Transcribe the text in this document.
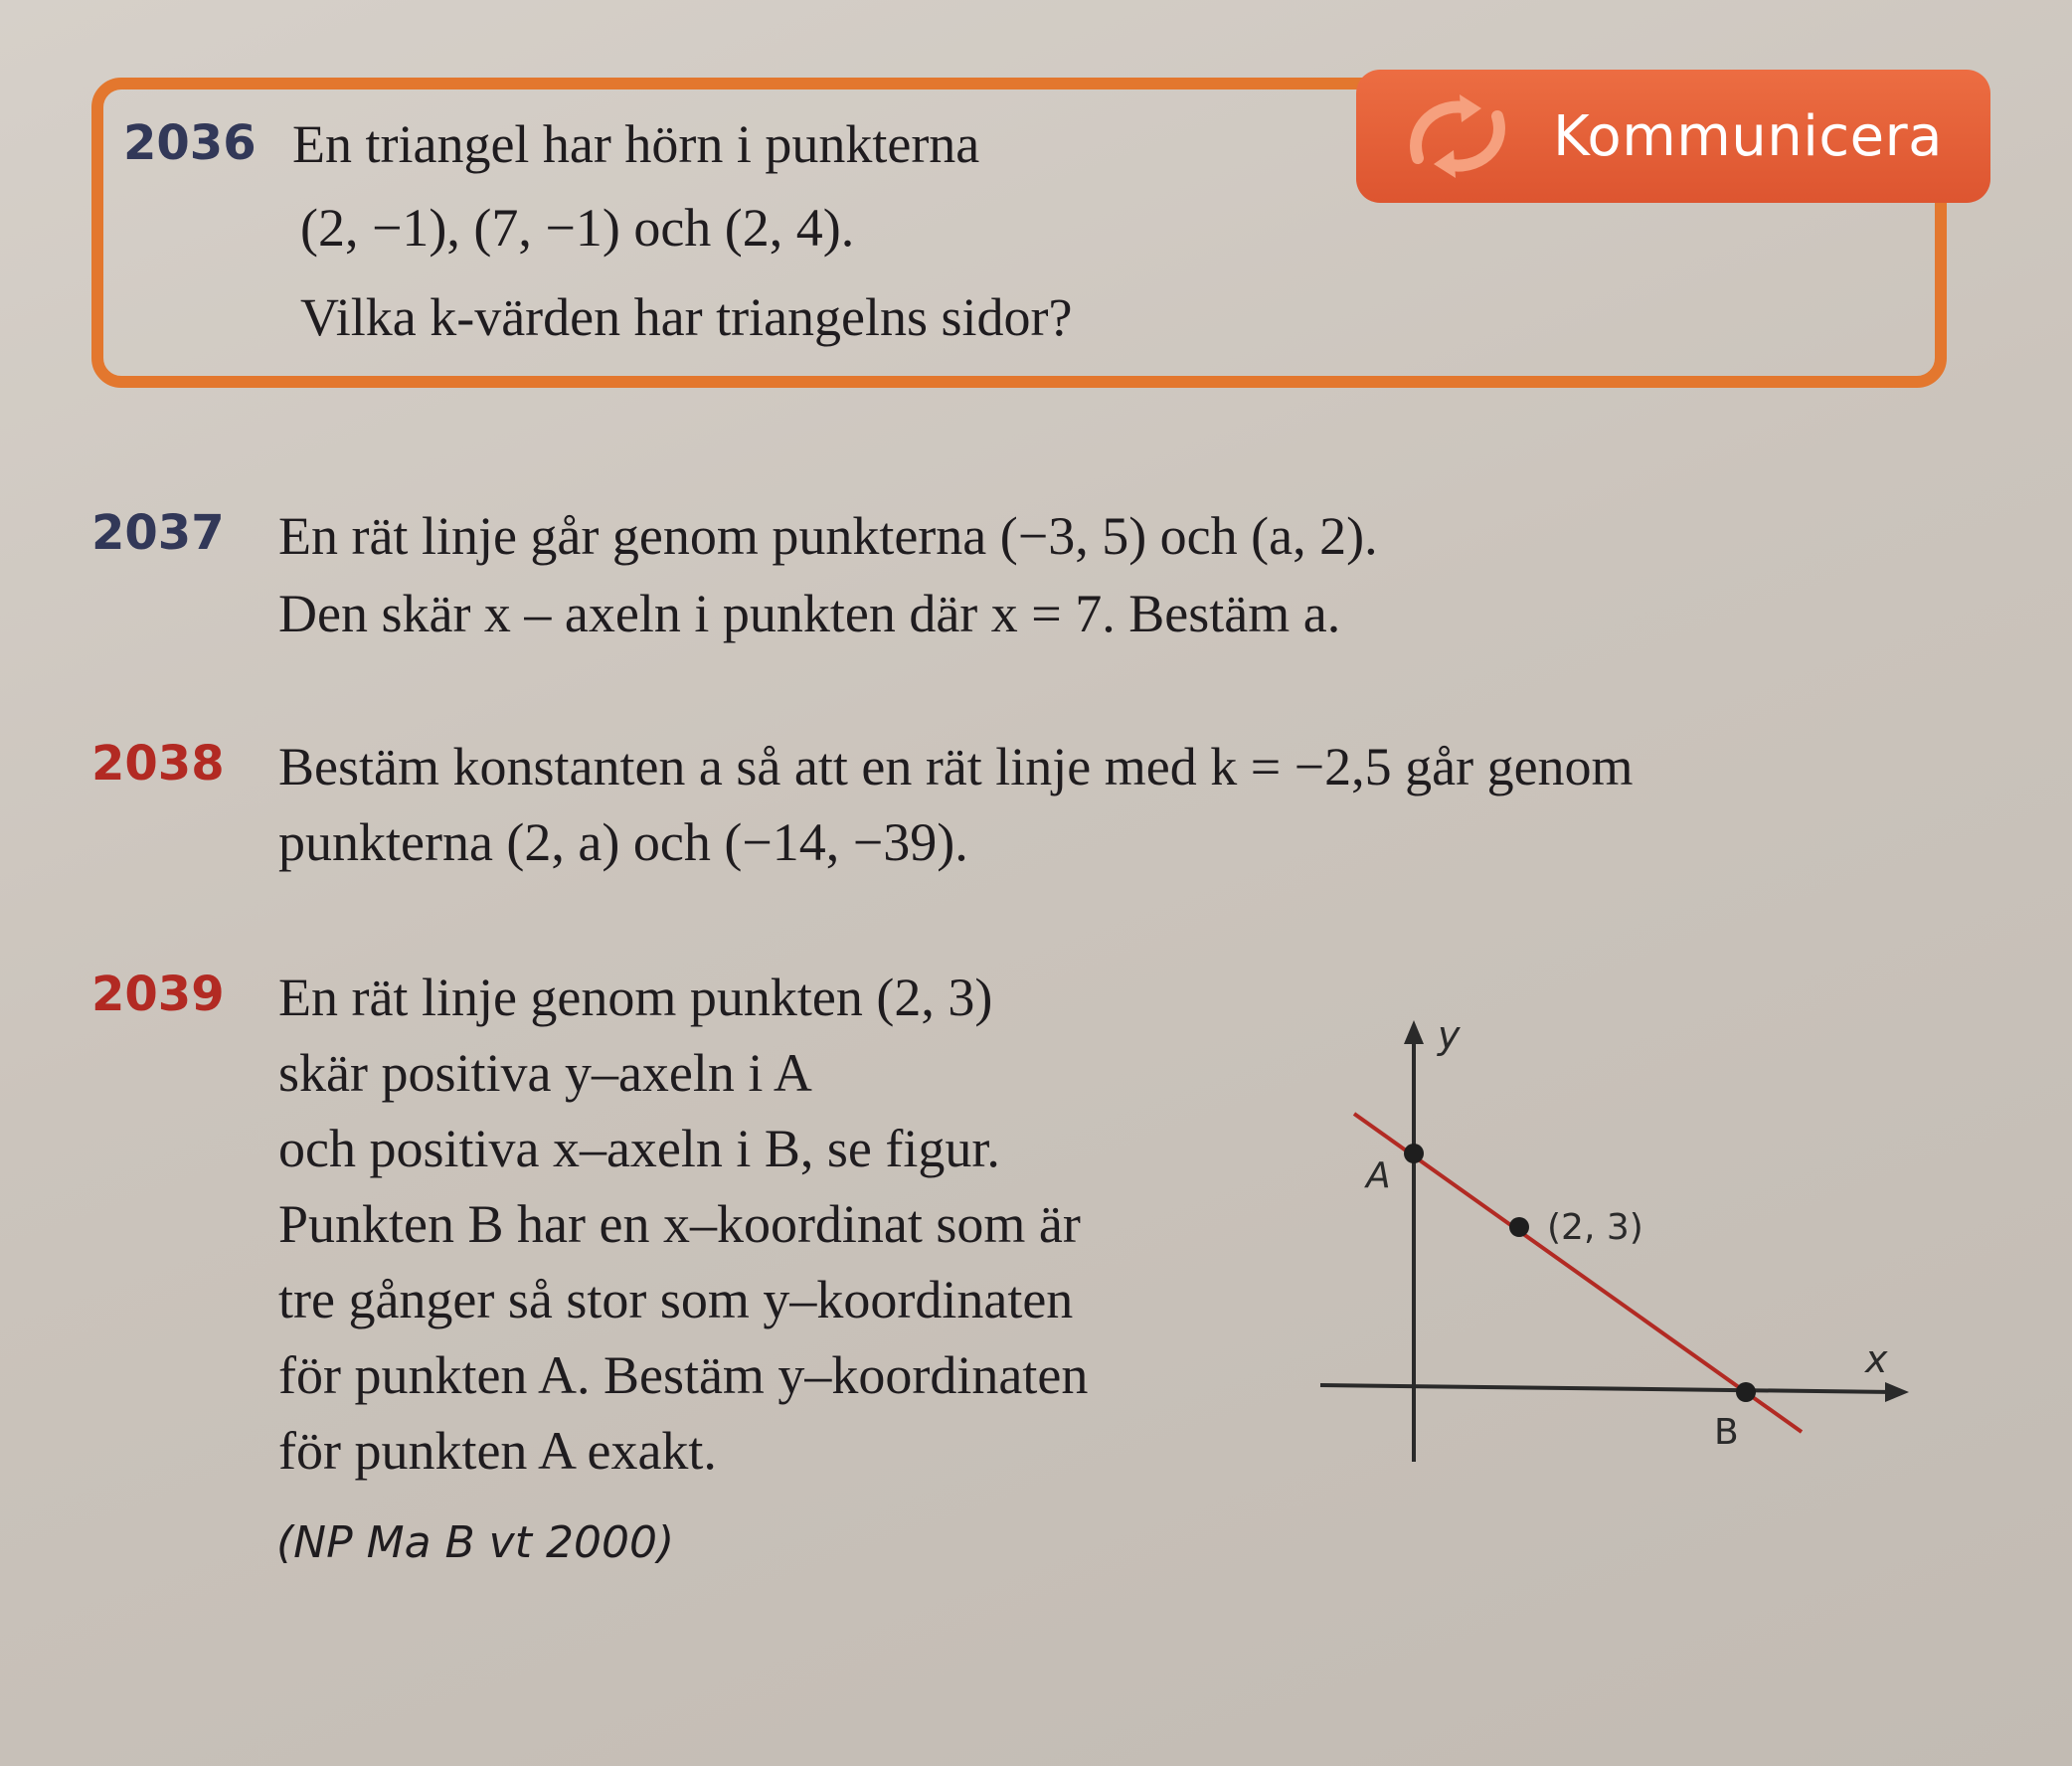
Kommunicera
2036 En triangel har hörn i punkterna
(2, −1), (7, −1) och (2, 4).
Vilka k-värden har triangelns sidor?
2037 En rät linje går genom punkterna (−3, 5) och (a, 2).
Den skär x – axeln i punkten där x = 7. Bestäm a.
2038 Bestäm konstanten a så att en rät linje med k = −2,5 går genom
punkterna (2, a) och (−14, −39).
2039 En rät linje genom punkten (2, 3)
skär positiva y–axeln i A
och positiva x–axeln i B, se figur.
Punkten B har en x–koordinat som är
tre gånger så stor som y–koordinaten
för punkten A. Bestäm y–koordinaten
för punkten A exakt.
(NP Ma B vt 2000)
y
x
A
(2, 3)
B
